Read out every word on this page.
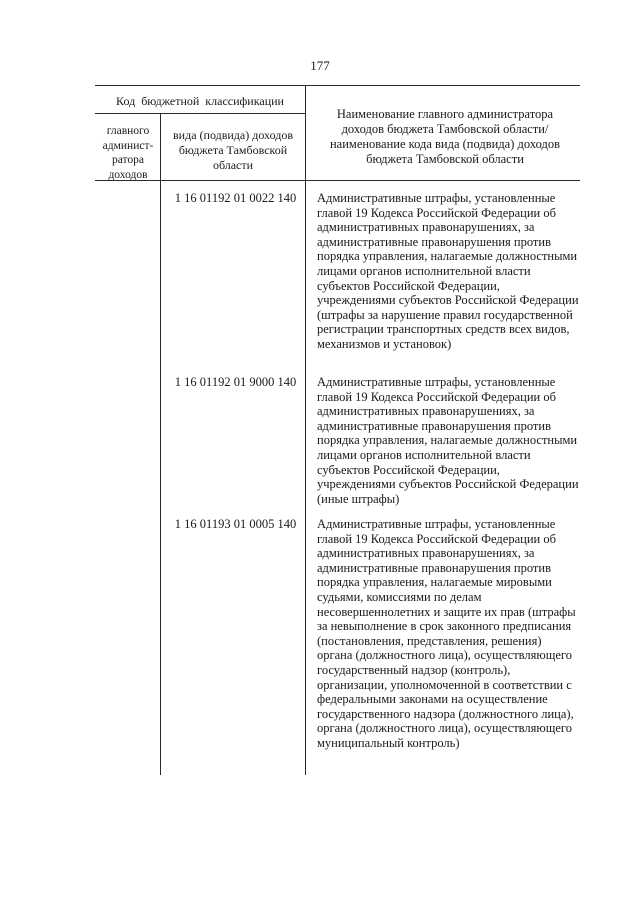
177
Код бюджетной классификации
главного админист-ратора доходов
вида (подвида) доходов бюджета Тамбовской области
Наименование главного администратора доходов бюджета Тамбовской области/наименование кода вида (подвида) доходов бюджета Тамбовской области
1 16 01192 01 0022 140	Административные штрафы, установленные главой 19 Кодекса Российской Федерации об административных правонарушениях, за административные правонарушения против порядка управления, налагаемые должностными лицами органов исполнительной власти субъектов Российской Федерации, учреждениями субъектов Российской Федерации (штрафы за нарушение правил государственной регистрации транспортных средств всех видов, механизмов и установок)

1 16 01192 01 9000 140	Административные штрафы, установленные главой 19 Кодекса Российской Федерации об административных правонарушениях, за административные правонарушения против порядка управления, налагаемые должностными лицами органов исполнительной власти субъектов Российской Федерации, учреждениями субъектов Российской Федерации (иные штрафы)

1 16 01193 01 0005 140	Административные штрафы, установленные главой 19 Кодекса Российской Федерации об административных правонарушениях, за административные правонарушения против порядка управления, налагаемые мировыми судьями, комиссиями по делам несовершеннолетних и защите их прав (штрафы за невыполнение в срок законного предписания (постановления, представления, решения) органа (должностного лица), осуществляющего государственный надзор (контроль), организации, уполномоченной в соответствии с федеральными законами на осуществление государственного надзора (должностного лица), органа (должностного лица), осуществляющего муниципальный контроль)
